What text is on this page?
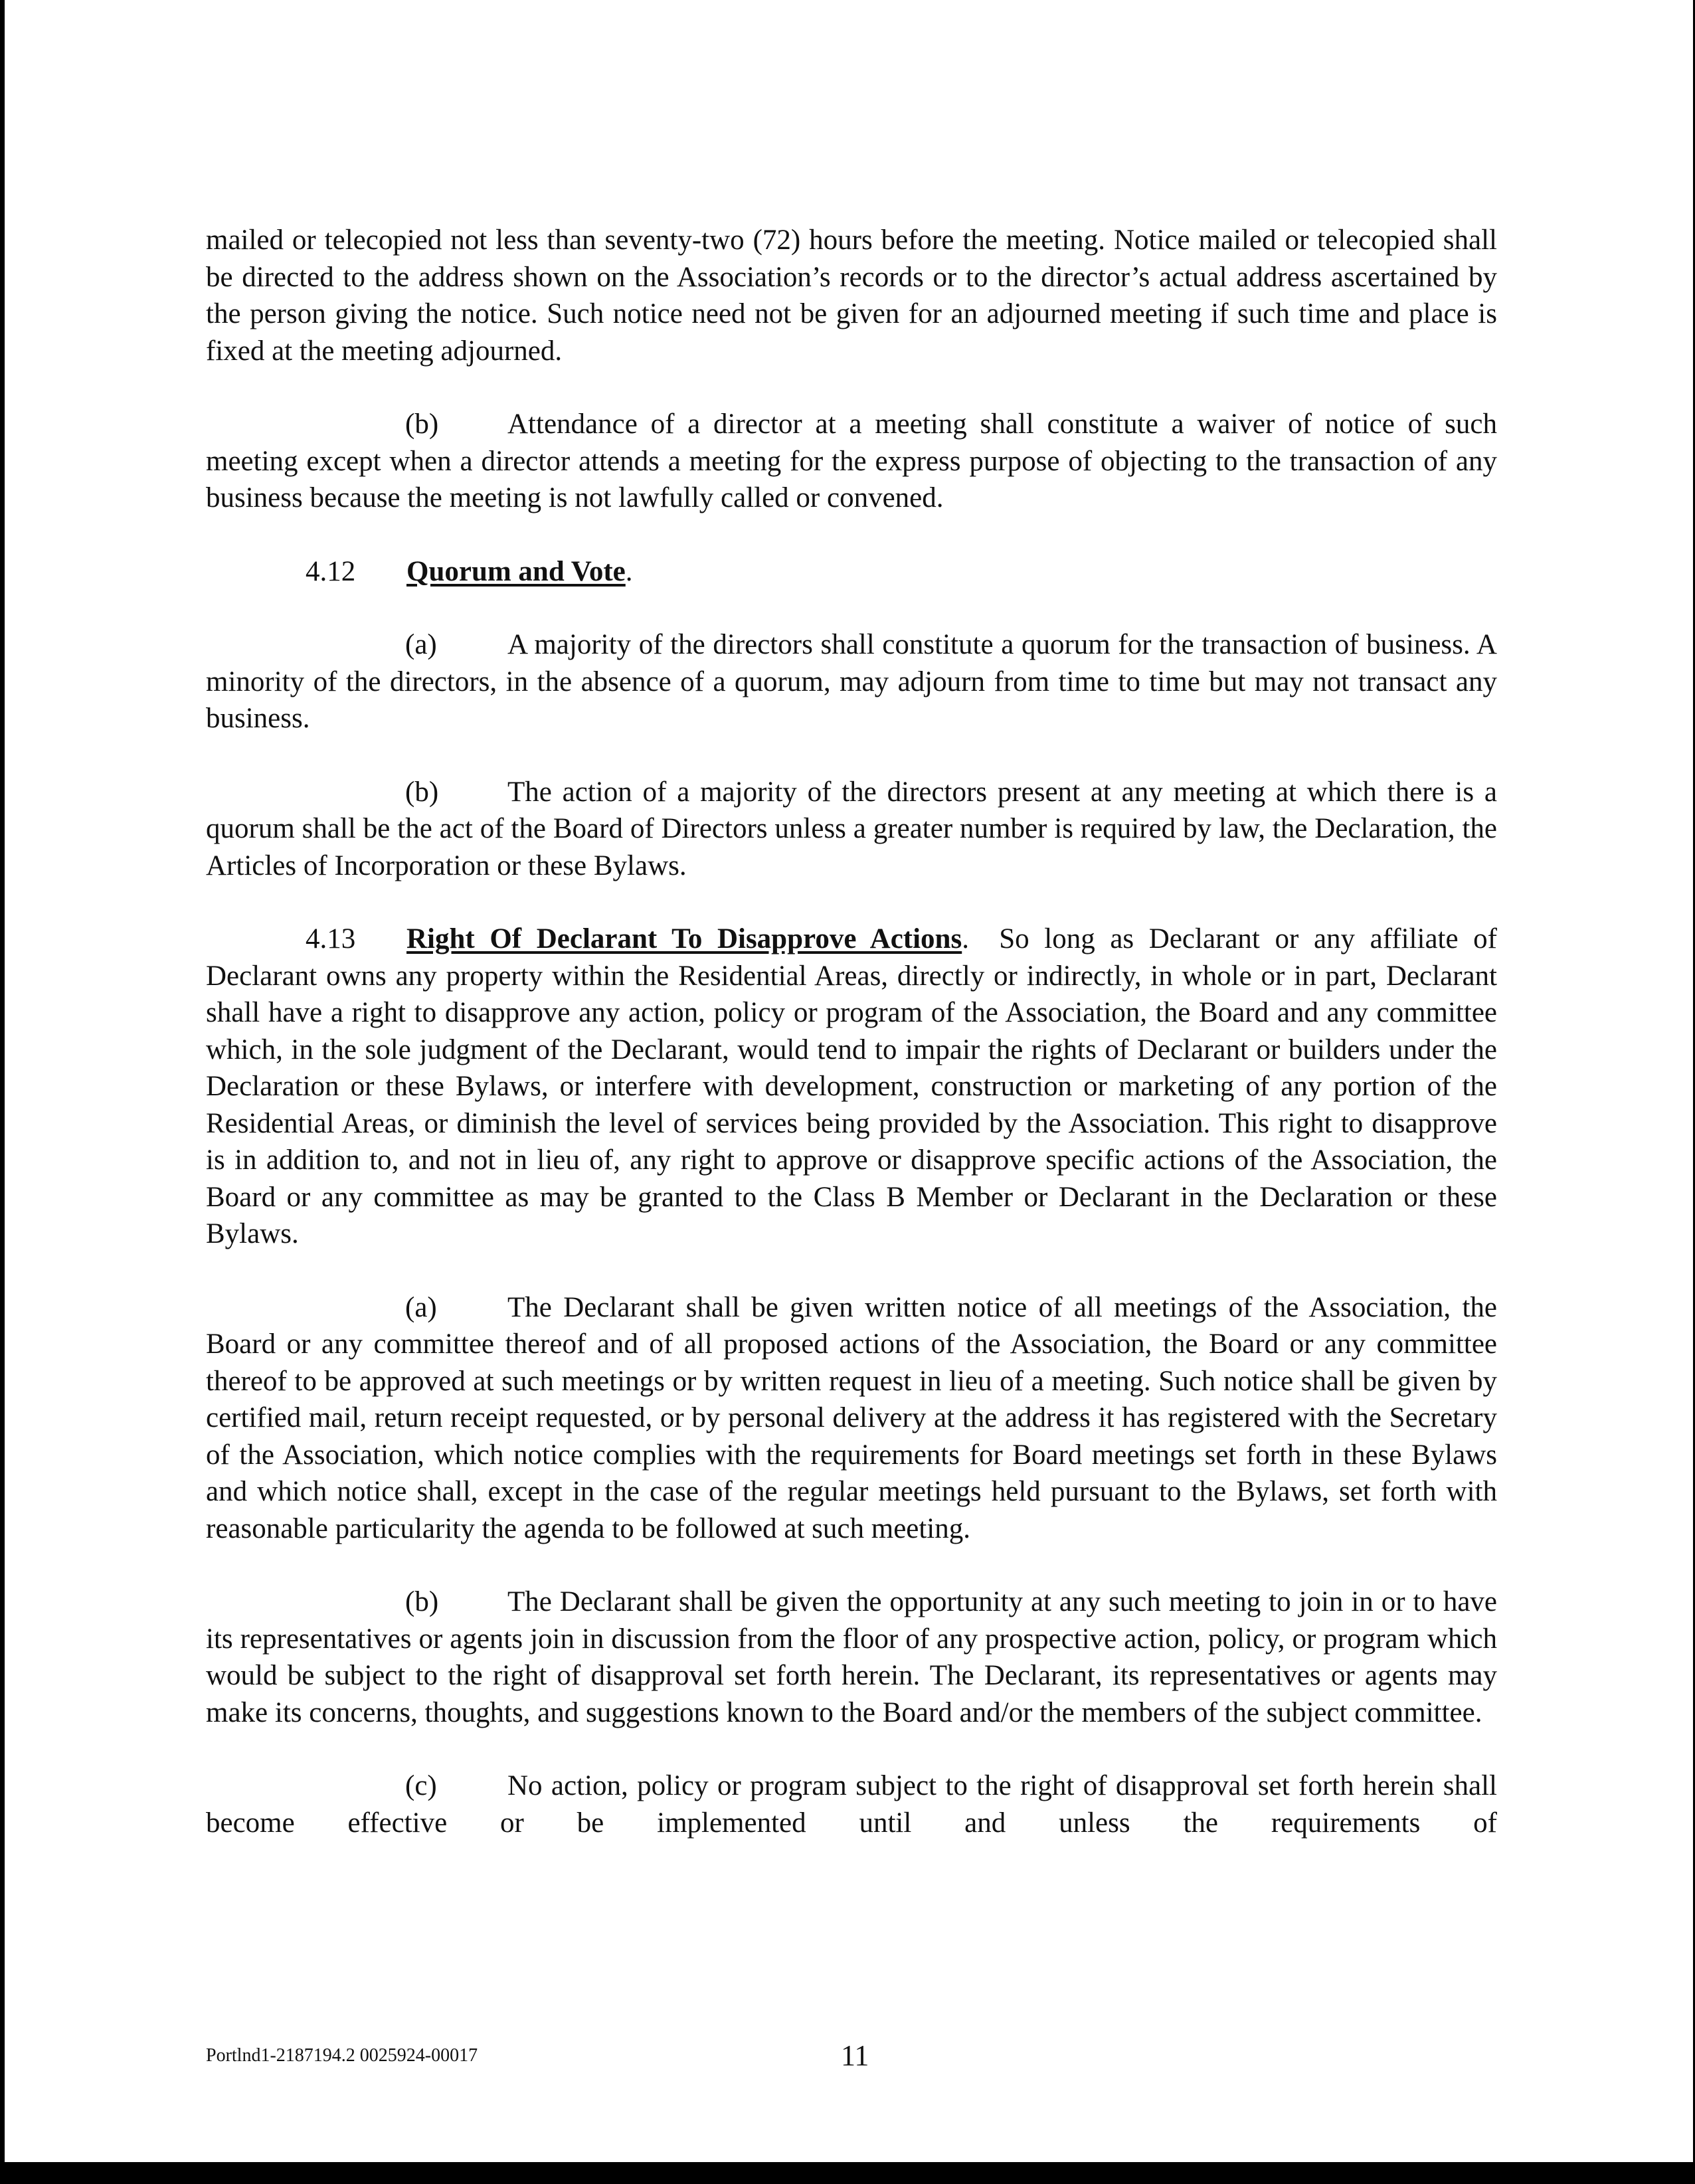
mailed or telecopied not less than seventy-two (72) hours before the meeting. Notice mailed or telecopied shall be directed to the address shown on the Association’s records or to the director’s actual address ascertained by the person giving the notice. Such notice need not be given for an adjourned meeting if such time and place is fixed at the meeting adjourned.

(b) Attendance of a director at a meeting shall constitute a waiver of notice of such meeting except when a director attends a meeting for the express purpose of objecting to the transaction of any business because the meeting is not lawfully called or convened.

4.12 Quorum and Vote.

(a) A majority of the directors shall constitute a quorum for the transaction of business. A minority of the directors, in the absence of a quorum, may adjourn from time to time but may not transact any business.

(b) The action of a majority of the directors present at any meeting at which there is a quorum shall be the act of the Board of Directors unless a greater number is required by law, the Declaration, the Articles of Incorporation or these Bylaws.

4.13 Right Of Declarant To Disapprove Actions. So long as Declarant or any affiliate of Declarant owns any property within the Residential Areas, directly or indirectly, in whole or in part, Declarant shall have a right to disapprove any action, policy or program of the Association, the Board and any committee which, in the sole judgment of the Declarant, would tend to impair the rights of Declarant or builders under the Declaration or these Bylaws, or interfere with development, construction or marketing of any portion of the Residential Areas, or diminish the level of services being provided by the Association. This right to disapprove is in addition to, and not in lieu of, any right to approve or disapprove specific actions of the Association, the Board or any committee as may be granted to the Class B Member or Declarant in the Declaration or these Bylaws.

(a) The Declarant shall be given written notice of all meetings of the Association, the Board or any committee thereof and of all proposed actions of the Association, the Board or any committee thereof to be approved at such meetings or by written request in lieu of a meeting. Such notice shall be given by certified mail, return receipt requested, or by personal delivery at the address it has registered with the Secretary of the Association, which notice complies with the requirements for Board meetings set forth in these Bylaws and which notice shall, except in the case of the regular meetings held pursuant to the Bylaws, set forth with reasonable particularity the agenda to be followed at such meeting.

(b) The Declarant shall be given the opportunity at any such meeting to join in or to have its representatives or agents join in discussion from the floor of any prospective action, policy, or program which would be subject to the right of disapproval set forth herein. The Declarant, its representatives or agents may make its concerns, thoughts, and suggestions known to the Board and/or the members of the subject committee.

(c) No action, policy or program subject to the right of disapproval set forth herein shall become effective or be implemented until and unless the requirements of

Portlnd1-2187194.2 0025924-00017	11
